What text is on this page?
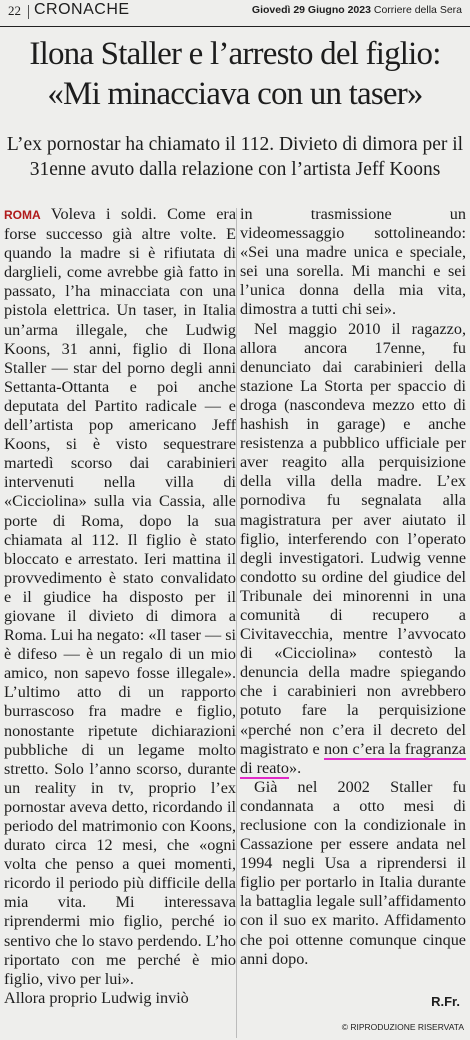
22 CRONACHE	Giovedì 29 Giugno 2023 Corriere della Sera
Ilona Staller e l’arresto del figlio:
«Mi minacciava con un taser»

L’ex pornostar ha chiamato il 112. Divieto di dimora per il 31enne avuto dalla relazione con l’artista Jeff Koons

ROMA Voleva i soldi. Come era forse successo già altre volte. E quando la madre si è rifiutata di darglieli, come avrebbe già fatto in passato, l’ha minacciata con una pistola elettrica. Un taser, in Italia un’arma illegale, che Ludwig Koons, 31 anni, figlio di Ilona Staller — star del porno degli anni Settanta-Ottanta e poi anche deputata del Partito radicale — e dell’artista pop americano Jeff Koons, si è visto sequestrare martedì scorso dai carabinieri intervenuti nella villa di «Cicciolina» sulla via Cassia, alle porte di Roma, dopo la sua chiamata al 112. Il figlio è stato bloccato e arrestato. Ieri mattina il provvedimento è stato convalidato e il giudice ha disposto per il giovane il divieto di dimora a Roma. Lui ha negato: «Il taser — si è difeso — è un regalo di un mio amico, non sapevo fosse illegale». L’ultimo atto di un rapporto burrascoso fra madre e figlio, nonostante ripetute dichiarazioni pubbliche di un legame molto stretto. Solo l’anno scorso, durante un reality in tv, proprio l’ex pornostar aveva detto, ricordando il periodo del matrimonio con Koons, durato circa 12 mesi, che «ogni volta che penso a quei momenti, ricordo il periodo più difficile della mia vita. Mi interessava riprendermi mio figlio, perché io sentivo che lo stavo perdendo. L’ho riportato con me perché è mio figlio, vivo per lui».

Allora proprio Ludwig inviò

in trasmissione un videomessaggio sottolineando: «Sei una madre unica e speciale, sei una sorella. Mi manchi e sei l’unica donna della mia vita, dimostra a tutti chi sei».

Nel maggio 2010 il ragazzo, allora ancora 17enne, fu denunciato dai carabinieri della stazione La Storta per spaccio di droga (nascondeva mezzo etto di hashish in garage) e anche resistenza a pubblico ufficiale per aver reagito alla perquisizione della villa della madre. L’ex pornodiva fu segnalata alla magistratura per aver aiutato il figlio, interferendo con l’operato degli investigatori. Ludwig venne condotto su ordine del giudice del Tribunale dei minorenni in una comunità di recupero a Civitavecchia, mentre l’avvocato di «Cicciolina» contestò la denuncia della madre spiegando che i carabinieri non avrebbero potuto fare la perquisizione «perché non c’era il decreto del magistrato e non c’era la fragranza di reato».

Già nel 2002 Staller fu condannata a otto mesi di reclusione con la condizionale in Cassazione per essere andata nel 1994 negli Usa a riprendersi il figlio per portarlo in Italia durante la battaglia legale sull’affidamento con il suo ex marito. Affidamento che poi ottenne comunque cinque anni dopo.

R.Fr.
© RIPRODUZIONE RISERVATA
